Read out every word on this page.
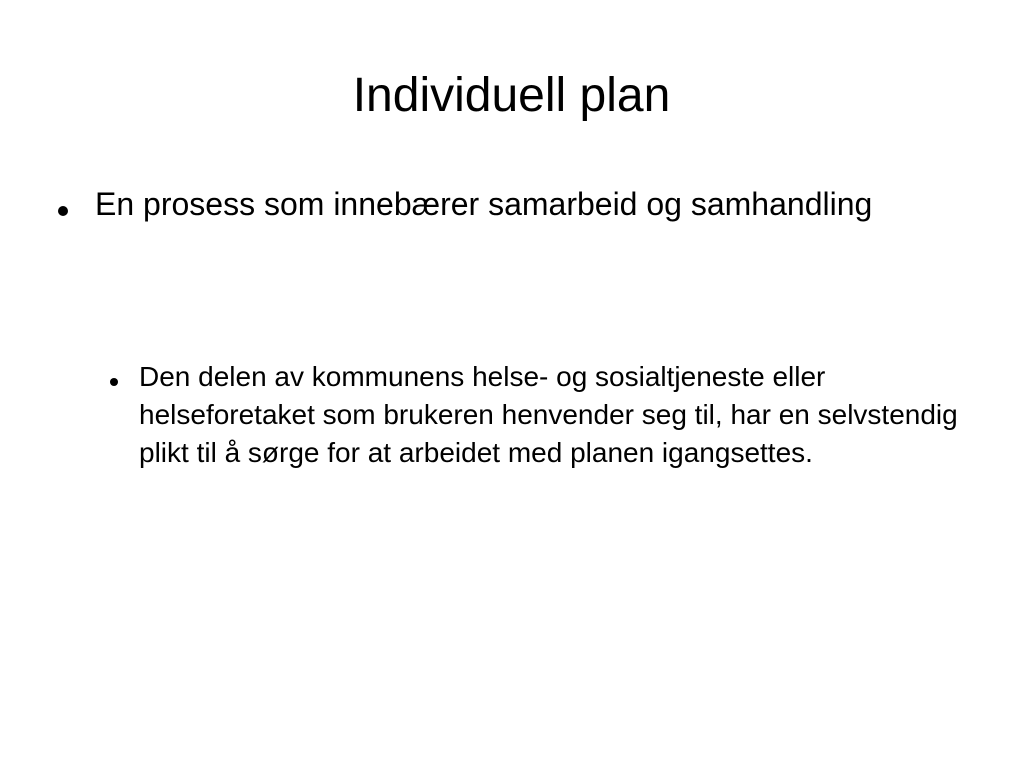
Individuell plan
En prosess som innebærer samarbeid og samhandling
Den delen av kommunens helse- og sosialtjeneste eller helseforetaket som brukeren henvender seg til, har en selvstendig plikt til å sørge for at arbeidet med planen igangsettes.
